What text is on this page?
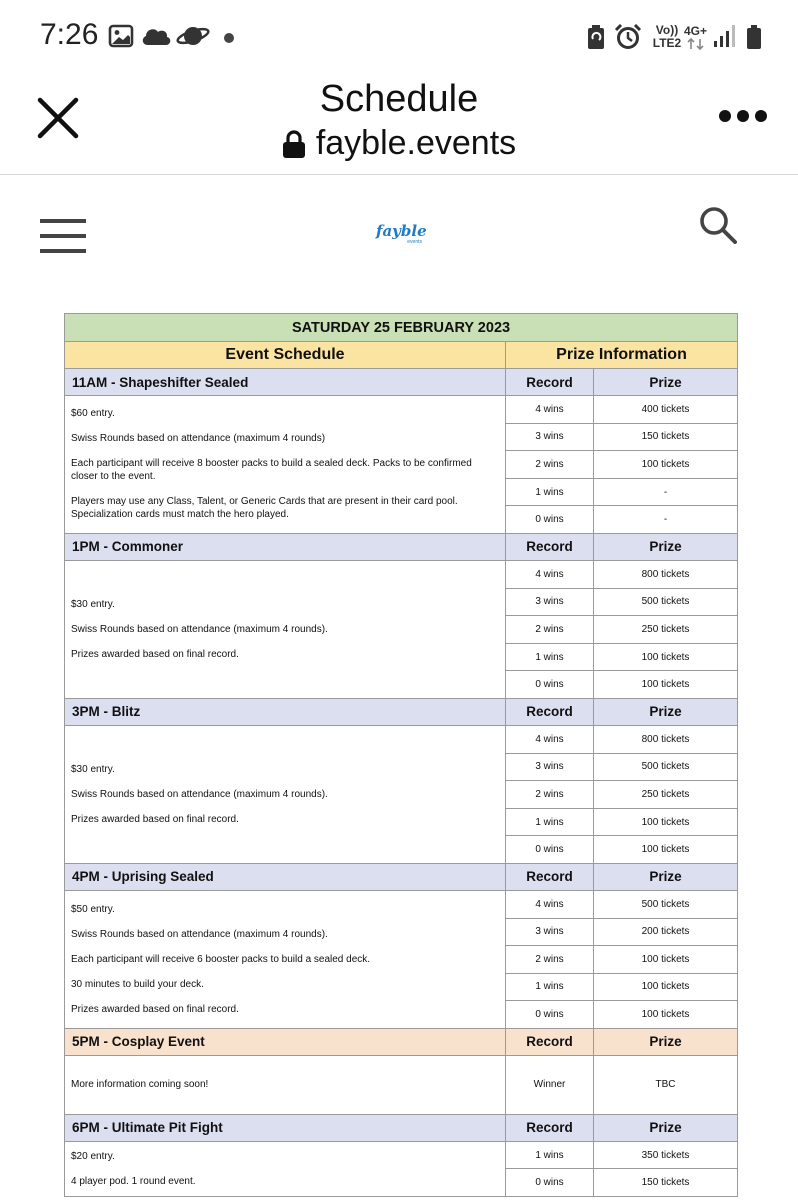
7:26	Vo)) LTE2
4G+
Schedule
fayble.events
fayble
events
SATURDAY 25 FEBRUARY 2023		
Event Schedule	Prize Information	
11AM - Shapeshifter Sealed	Record	Prize

$60 entry.

Swiss Rounds based on attendance (maximum 4 rounds)

Each participant will receive 8 booster packs to build a sealed deck. Packs to be confirmed closer to the event.

Players may use any Class, Talent, or Generic Cards that are present in their card pool. Specialization cards must match the hero played.	4 wins	400 tickets
	3 wins	150 tickets
	2 wins	100 tickets
	1 wins	-
	0 wins	-
1PM - Commoner	Record	Prize

$30 entry.

Swiss Rounds based on attendance (maximum 4 rounds).

Prizes awarded based on final record.	4 wins	800 tickets
	3 wins	500 tickets
	2 wins	250 tickets
	1 wins	100 tickets
	0 wins	100 tickets
3PM - Blitz	Record	Prize

$30 entry.

Swiss Rounds based on attendance (maximum 4 rounds).

Prizes awarded based on final record.	4 wins	800 tickets
	3 wins	500 tickets
	2 wins	250 tickets
	1 wins	100 tickets
	0 wins	100 tickets
4PM - Uprising Sealed	Record	Prize

$50 entry.

Swiss Rounds based on attendance (maximum 4 rounds).

Each participant will receive 6 booster packs to build a sealed deck.

30 minutes to build your deck.

Prizes awarded based on final record.	4 wins	500 tickets
	3 wins	200 tickets
	2 wins	100 tickets
	1 wins	100 tickets
	0 wins	100 tickets
5PM - Cosplay Event	Record	Prize

More information coming soon!	Winner	TBC
6PM - Ultimate Pit Fight	Record	Prize

$20 entry.

4 player pod. 1 round event.	1 wins	350 tickets
	0 wins	150 tickets
